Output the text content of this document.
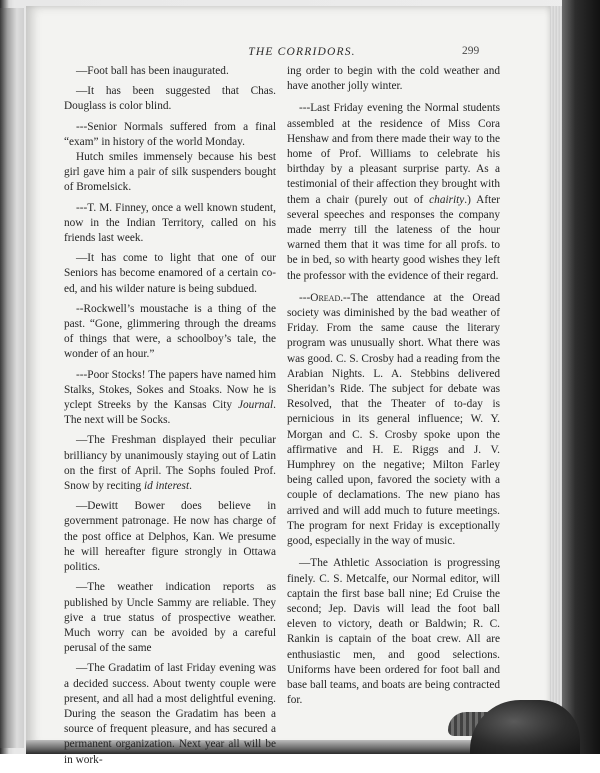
THE CORRIDORS.	299

—Foot ball has been inaugurated.

—It has been suggested that Chas. Douglass is color blind.

---Senior Normals suffered from a final “exam” in history of the world Monday.

Hutch smiles immensely because his best girl gave him a pair of silk suspenders bought of Bromelsick.

---T. M. Finney, once a well known student, now in the Indian Territory, called on his friends last week.

—It has come to light that one of our Seniors has become enamored of a certain co-ed, and his wilder nature is being subdued.

--Rockwell’s moustache is a thing of the past. “Gone, glimmering through the dreams of things that were, a schoolboy’s tale, the wonder of an hour.”

---Poor Stocks! The papers have named him Stalks, Stokes, Sokes and Stoaks. Now he is yclept Streeks by the Kansas City Journal. The next will be Socks.

—The Freshman displayed their peculiar brilliancy by unanimously staying out of Latin on the first of April. The Sophs fouled Prof. Snow by reciting id interest.

—Dewitt Bower does believe in government patronage. He now has charge of the post office at Delphos, Kan. We presume he will hereafter figure strongly in Ottawa politics.

—The weather indication reports as published by Uncle Sammy are reliable. They give a true status of prospective weather. Much worry can be avoided by a careful perusal of the same

—The Gradatim of last Friday evening was a decided success. About twenty couple were present, and all had a most delightful evening. During the season the Gradatim has been a source of frequent pleasure, and has secured a permanent organization. Next year all will be in work-

ing order to begin with the cold weather and have another jolly winter.

---Last Friday evening the Normal students assembled at the residence of Miss Cora Henshaw and from there made their way to the home of Prof. Williams to celebrate his birthday by a pleasant surprise party. As a testimonial of their affection they brought with them a chair (purely out of chairity.) After several speeches and responses the company made merry till the lateness of the hour warned them that it was time for all profs. to be in bed, so with hearty good wishes they left the professor with the evidence of their regard.

---Oread.--The attendance at the Oread society was diminished by the bad weather of Friday. From the same cause the literary program was unusually short. What there was was good. C. S. Crosby had a reading from the Arabian Nights. L. A. Stebbins delivered Sheridan’s Ride. The subject for debate was Resolved, that the Theater of to-day is pernicious in its general influence; W. Y. Morgan and C. S. Crosby spoke upon the affirmative and H. E. Riggs and J. V. Humphrey on the negative; Milton Farley being called upon, favored the society with a couple of declamations. The new piano has arrived and will add much to future meetings. The program for next Friday is exceptionally good, especially in the way of music.

—The Athletic Association is progressing finely. C. S. Metcalfe, our Normal editor, will captain the first base ball nine; Ed Cruise the second; Jep. Davis will lead the foot ball eleven to victory, death or Baldwin; R. C. Rankin is captain of the boat crew. All are enthusiastic men, and good selections. Uniforms have been ordered for foot ball and base ball teams, and boats are being contracted for.
